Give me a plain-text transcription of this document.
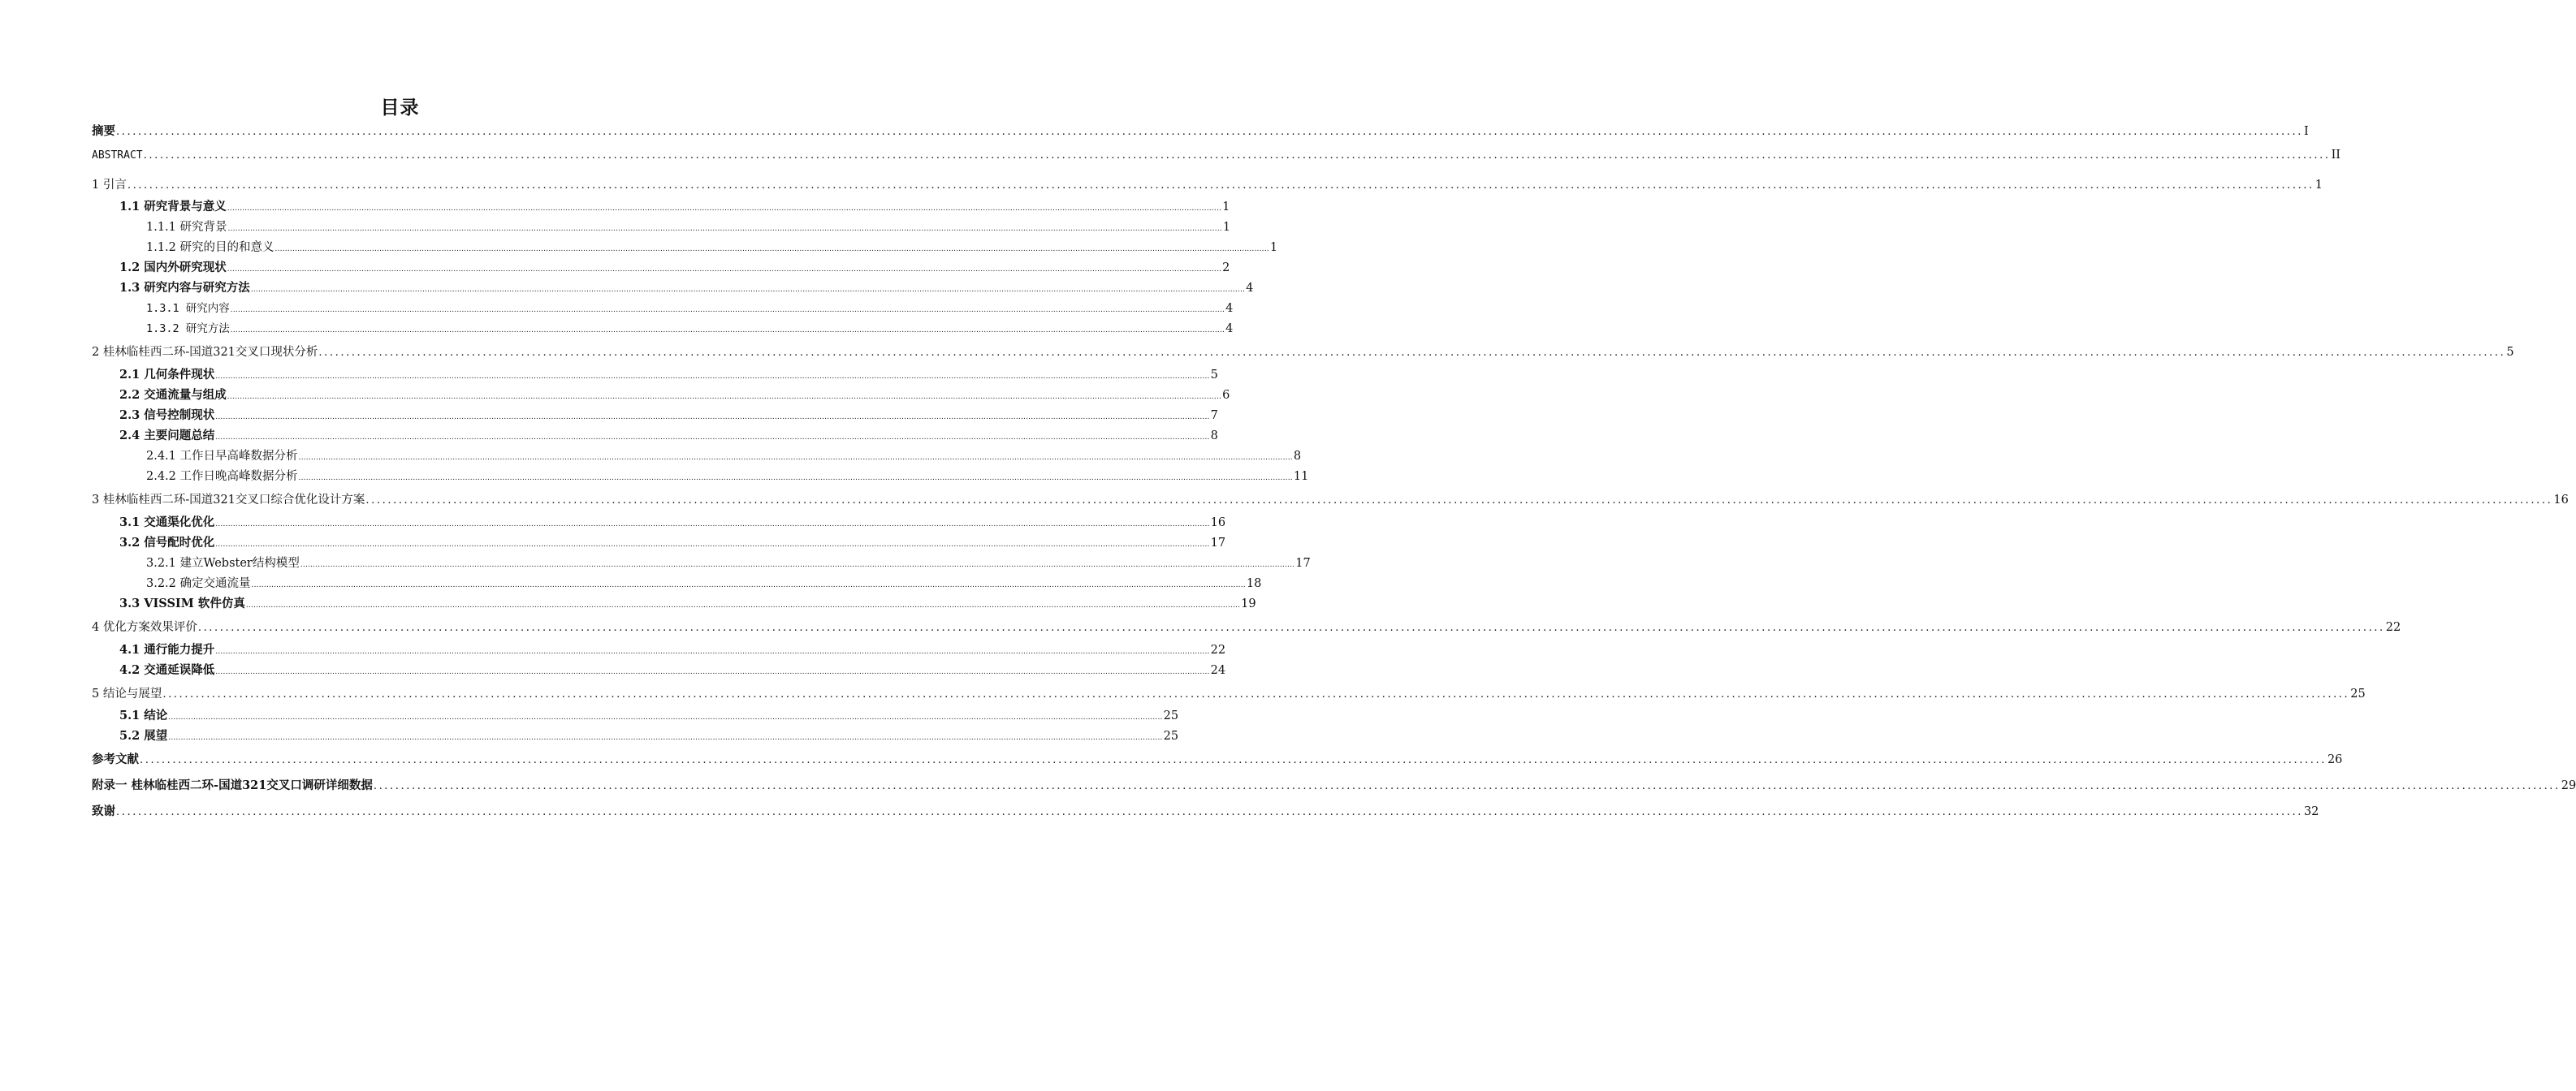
目录
摘要 ................................................................................................................................................................................................................................................................................................................................................................................................................ I
ABSTRACT ................................................................................................................................................................................................................................................................................................................................................................................................................ II
1 引言 ................................................................................................................................................................................................................................................................................................................................................................................................................ 1
1.1 研究背景与意义 ................................................................................................................................................................................................................................................................................................................................................................................................................ 1
1.1.1 研究背景 ................................................................................................................................................................................................................................................................................................................................................................................................................ 1
1.1.2 研究的目的和意义 ................................................................................................................................................................................................................................................................................................................................................................................................................ 1
1.2 国内外研究现状 ................................................................................................................................................................................................................................................................................................................................................................................................................ 2
1.3 研究内容与研究方法 ................................................................................................................................................................................................................................................................................................................................................................................................................ 4
1.3.1 研究内容 ................................................................................................................................................................................................................................................................................................................................................................................................................ 4
1.3.2 研究方法 ................................................................................................................................................................................................................................................................................................................................................................................................................ 4
2 桂林临桂西二环-国道321交叉口现状分析 ................................................................................................................................................................................................................................................................................................................................................................................................................ 5
2.1 几何条件现状 ................................................................................................................................................................................................................................................................................................................................................................................................................ 5
2.2 交通流量与组成 ................................................................................................................................................................................................................................................................................................................................................................................................................ 6
2.3 信号控制现状 ................................................................................................................................................................................................................................................................................................................................................................................................................ 7
2.4 主要问题总结 ................................................................................................................................................................................................................................................................................................................................................................................................................ 8
2.4.1 工作日早高峰数据分析 ................................................................................................................................................................................................................................................................................................................................................................................................................ 8
2.4.2 工作日晚高峰数据分析 ................................................................................................................................................................................................................................................................................................................................................................................................................ 11
3 桂林临桂西二环-国道321交叉口综合优化设计方案 ................................................................................................................................................................................................................................................................................................................................................................................................................ 16
3.1 交通渠化优化 ................................................................................................................................................................................................................................................................................................................................................................................................................ 16
3.2 信号配时优化 ................................................................................................................................................................................................................................................................................................................................................................................................................ 17
3.2.1 建立Webster结构模型 ................................................................................................................................................................................................................................................................................................................................................................................................................ 17
3.2.2 确定交通流量 ................................................................................................................................................................................................................................................................................................................................................................................................................ 18
3.3 VISSIM 软件仿真 ................................................................................................................................................................................................................................................................................................................................................................................................................ 19
4 优化方案效果评价 ................................................................................................................................................................................................................................................................................................................................................................................................................ 22
4.1 通行能力提升 ................................................................................................................................................................................................................................................................................................................................................................................................................ 22
4.2 交通延误降低 ................................................................................................................................................................................................................................................................................................................................................................................................................ 24
5 结论与展望 ................................................................................................................................................................................................................................................................................................................................................................................................................ 25
5.1 结论 ................................................................................................................................................................................................................................................................................................................................................................................................................ 25
5.2 展望 ................................................................................................................................................................................................................................................................................................................................................................................................................ 25
参考文献 ................................................................................................................................................................................................................................................................................................................................................................................................................ 26
附录一 桂林临桂西二环-国道321交叉口调研详细数据 ................................................................................................................................................................................................................................................................................................................................................................................................................ 29
致谢 ................................................................................................................................................................................................................................................................................................................................................................................................................ 32
